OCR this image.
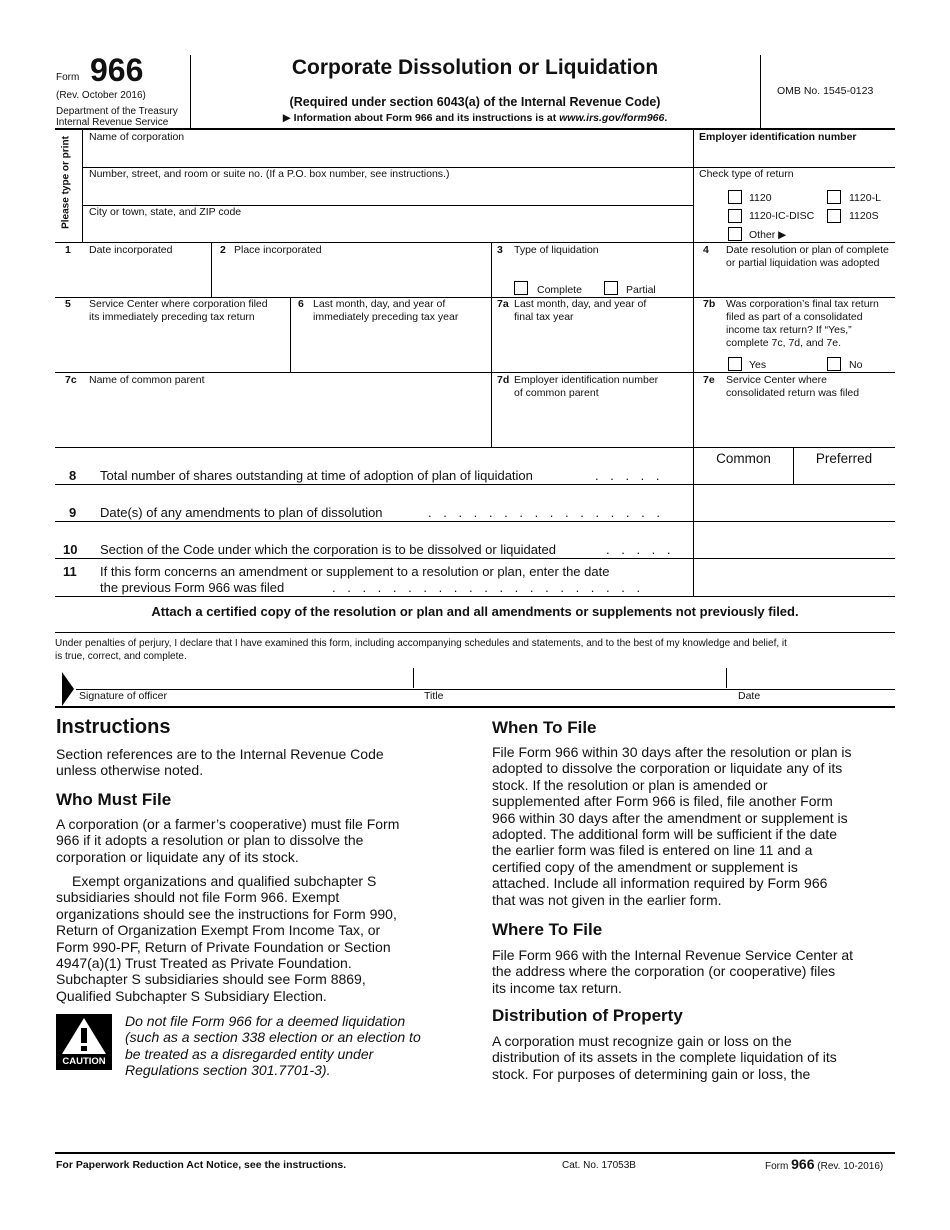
Form 966
(Rev. October 2016)
Department of the Treasury
Internal Revenue Service
Corporate Dissolution or Liquidation
(Required under section 6043(a) of the Internal Revenue Code)
▶ Information about Form 966 and its instructions is at www.irs.gov/form966.
OMB No. 1545-0123
Please type or print Name of corporation	Employer identification number
Number, street, and room or suite no. (If a P.O. box number, see instructions.)	Check type of return
City or town, state, and ZIP code
1120	1120-L
1120-IC-DISC	1120S
Other ▶
1 Date incorporated	2 Place incorporated	3 Type of liquidation
Complete	Partial
4 Date resolution or plan of complete
or partial liquidation was adopted
5 Service Center where corporation filed
its immediately preceding tax return
6 Last month, day, and year of
immediately preceding tax year
7a Last month, day, and year of
final tax year
7b Was corporation’s final tax return
filed as part of a consolidated
income tax return? If “Yes,”
complete 7c, 7d, and 7e.
Yes	No
7c Name of common parent	7d Employer identification number
of common parent
7e Service Center where
consolidated return was filed
Common	Preferred
8 Total number of shares outstanding at time of adoption of plan of liquidation	. . . . .
9 Date(s) of any amendments to plan of dissolution	. . . . . . . . . . . . . . . .
10 Section of the Code under which the corporation is to be dissolved or liquidated	. . . . .
11 If this form concerns an amendment or supplement to a resolution or plan, enter the date
the previous Form 966 was filed	. . . . . . . . . . . . . . . . . . . . .
Attach a certified copy of the resolution or plan and all amendments or supplements not previously filed.
Under penalties of perjury, I declare that I have examined this form, including accompanying schedules and statements, and to the best of my knowledge and belief, it
is true, correct, and complete.
Signature of officer	Title	Date
Instructions
Section references are to the Internal Revenue Code
unless otherwise noted.
Who Must File
A corporation (or a farmer’s cooperative) must file Form
966 if it adopts a resolution or plan to dissolve the
corporation or liquidate any of its stock.
Exempt organizations and qualified subchapter S
subsidiaries should not file Form 966. Exempt
organizations should see the instructions for Form 990,
Return of Organization Exempt From Income Tax, or
Form 990-PF, Return of Private Foundation or Section
4947(a)(1) Trust Treated as Private Foundation.
Subchapter S subsidiaries should see Form 8869,
Qualified Subchapter S Subsidiary Election.
CAUTION
Do not file Form 966 for a deemed liquidation
(such as a section 338 election or an election to
be treated as a disregarded entity under
Regulations section 301.7701-3).
When To File
File Form 966 within 30 days after the resolution or plan is
adopted to dissolve the corporation or liquidate any of its
stock. If the resolution or plan is amended or
supplemented after Form 966 is filed, file another Form
966 within 30 days after the amendment or supplement is
adopted. The additional form will be sufficient if the date
the earlier form was filed is entered on line 11 and a
certified copy of the amendment or supplement is
attached. Include all information required by Form 966
that was not given in the earlier form.
Where To File
File Form 966 with the Internal Revenue Service Center at
the address where the corporation (or cooperative) files
its income tax return.
Distribution of Property
A corporation must recognize gain or loss on the
distribution of its assets in the complete liquidation of its
stock. For purposes of determining gain or loss, the
For Paperwork Reduction Act Notice, see the instructions.	Cat. No. 17053B	Form 966 (Rev. 10-2016)
